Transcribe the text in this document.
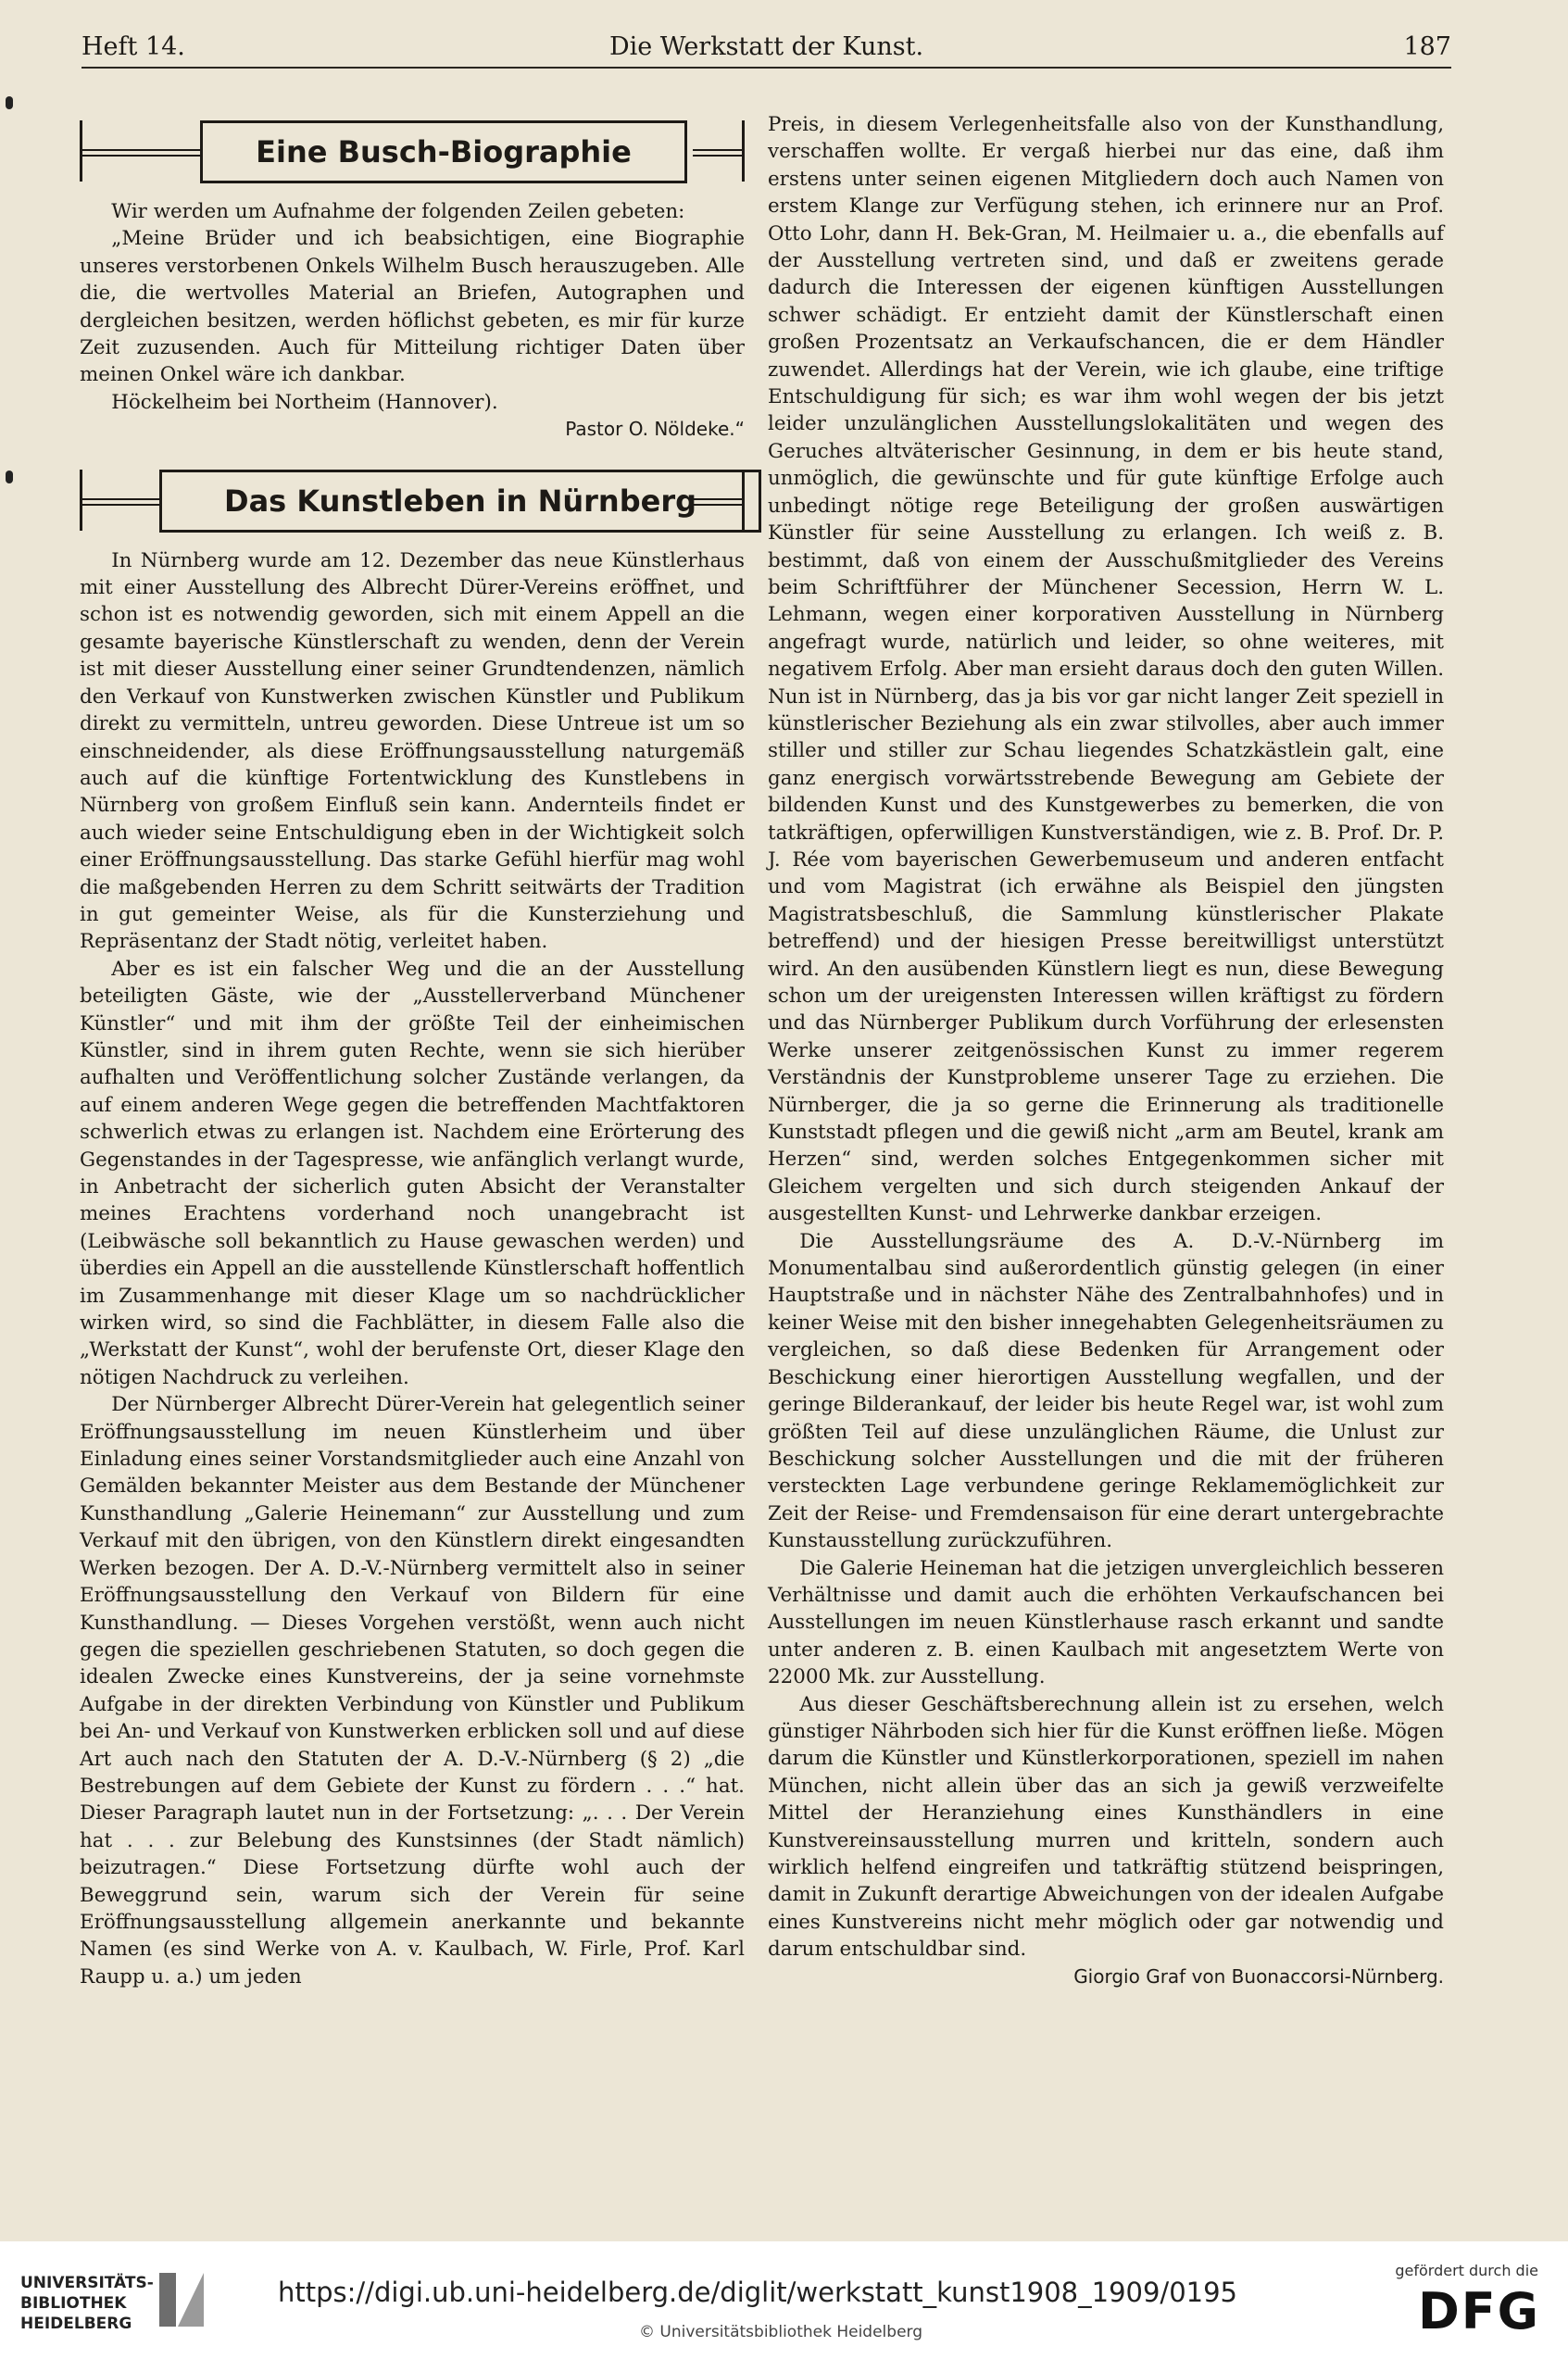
Heft 14.	Die Werkstatt der Kunst.	187
Eine Busch-Biographie

Wir werden um Aufnahme der folgenden Zeilen gebeten:

„Meine Brüder und ich beabsichtigen, eine Biographie unseres verstorbenen Onkels Wilhelm Busch herauszugeben. Alle die, die wertvolles Material an Briefen, Autographen und dergleichen besitzen, werden höflichst gebeten, es mir für kurze Zeit zuzusenden. Auch für Mitteilung richtiger Daten über meinen Onkel wäre ich dankbar.

Höckelheim bei Northeim (Hannover).

Pastor O. Nöldeke.“

Das Kunstleben in Nürnberg

In Nürnberg wurde am 12. Dezember das neue Künstlerhaus mit einer Ausstellung des Albrecht Dürer-Vereins eröffnet, und schon ist es notwendig geworden, sich mit einem Appell an die gesamte bayerische Künstlerschaft zu wenden, denn der Verein ist mit dieser Ausstellung einer seiner Grundtendenzen, nämlich den Verkauf von Kunstwerken zwischen Künstler und Publikum direkt zu vermitteln, untreu geworden. Diese Untreue ist um so einschneidender, als diese Eröffnungsausstellung naturgemäß auch auf die künftige Fortentwicklung des Kunstlebens in Nürnberg von großem Einfluß sein kann. Andernteils findet er auch wieder seine Entschuldigung eben in der Wichtigkeit solch einer Eröffnungsausstellung. Das starke Gefühl hierfür mag wohl die maßgebenden Herren zu dem Schritt seitwärts der Tradition in gut gemeinter Weise, als für die Kunsterziehung und Repräsentanz der Stadt nötig, verleitet haben.

Aber es ist ein falscher Weg und die an der Ausstellung beteiligten Gäste, wie der „Ausstellerverband Münchener Künstler“ und mit ihm der größte Teil der einheimischen Künstler, sind in ihrem guten Rechte, wenn sie sich hierüber aufhalten und Veröffentlichung solcher Zustände verlangen, da auf einem anderen Wege gegen die betreffenden Machtfaktoren schwerlich etwas zu erlangen ist. Nachdem eine Erörterung des Gegenstandes in der Tagespresse, wie anfänglich verlangt wurde, in Anbetracht der sicherlich guten Absicht der Veranstalter meines Erachtens vorderhand noch unangebracht ist (Leibwäsche soll bekanntlich zu Hause gewaschen werden) und überdies ein Appell an die ausstellende Künstlerschaft hoffentlich im Zusammenhange mit dieser Klage um so nachdrücklicher wirken wird, so sind die Fachblätter, in diesem Falle also die „Werkstatt der Kunst“, wohl der berufenste Ort, dieser Klage den nötigen Nachdruck zu verleihen.

Der Nürnberger Albrecht Dürer-Verein hat gelegentlich seiner Eröffnungsausstellung im neuen Künstlerheim und über Einladung eines seiner Vorstandsmitglieder auch eine Anzahl von Gemälden bekannter Meister aus dem Bestande der Münchener Kunsthandlung „Galerie Heinemann“ zur Ausstellung und zum Verkauf mit den übrigen, von den Künstlern direkt eingesandten Werken bezogen. Der A. D.-V.-Nürnberg vermittelt also in seiner Eröffnungsausstellung den Verkauf von Bildern für eine Kunsthandlung. — Dieses Vorgehen verstößt, wenn auch nicht gegen die speziellen geschriebenen Statuten, so doch gegen die idealen Zwecke eines Kunstvereins, der ja seine vornehmste Aufgabe in der direkten Verbindung von Künstler und Publikum bei An- und Verkauf von Kunstwerken erblicken soll und auf diese Art auch nach den Statuten der A. D.-V.-Nürnberg (§ 2) „die Bestrebungen auf dem Gebiete der Kunst zu fördern . . .“ hat. Dieser Paragraph lautet nun in der Fortsetzung: „. . . Der Verein hat . . . zur Belebung des Kunstsinnes (der Stadt nämlich) beizutragen.“ Diese Fortsetzung dürfte wohl auch der Beweggrund sein, warum sich der Verein für seine Eröffnungsausstellung allgemein anerkannte und bekannte Namen (es sind Werke von A. v. Kaulbach, W. Firle, Prof. Karl Raupp u. a.) um jeden

Preis, in diesem Verlegenheitsfalle also von der Kunsthandlung, verschaffen wollte. Er vergaß hierbei nur das eine, daß ihm erstens unter seinen eigenen Mitgliedern doch auch Namen von erstem Klange zur Verfügung stehen, ich erinnere nur an Prof. Otto Lohr, dann H. Bek-Gran, M. Heilmaier u. a., die ebenfalls auf der Ausstellung vertreten sind, und daß er zweitens gerade dadurch die Interessen der eigenen künftigen Ausstellungen schwer schädigt. Er entzieht damit der Künstlerschaft einen großen Prozentsatz an Verkaufschancen, die er dem Händler zuwendet. Allerdings hat der Verein, wie ich glaube, eine triftige Entschuldigung für sich; es war ihm wohl wegen der bis jetzt leider unzulänglichen Ausstellungslokalitäten und wegen des Geruches altväterischer Gesinnung, in dem er bis heute stand, unmöglich, die gewünschte und für gute künftige Erfolge auch unbedingt nötige rege Beteiligung der großen auswärtigen Künstler für seine Ausstellung zu erlangen. Ich weiß z. B. bestimmt, daß von einem der Ausschußmitglieder des Vereins beim Schriftführer der Münchener Secession, Herrn W. L. Lehmann, wegen einer korporativen Ausstellung in Nürnberg angefragt wurde, natürlich und leider, so ohne weiteres, mit negativem Erfolg. Aber man ersieht daraus doch den guten Willen. Nun ist in Nürnberg, das ja bis vor gar nicht langer Zeit speziell in künstlerischer Beziehung als ein zwar stilvolles, aber auch immer stiller und stiller zur Schau liegendes Schatzkästlein galt, eine ganz energisch vorwärtsstrebende Bewegung am Gebiete der bildenden Kunst und des Kunstgewerbes zu bemerken, die von tatkräftigen, opferwilligen Kunstverständigen, wie z. B. Prof. Dr. P. J. Rée vom bayerischen Gewerbemuseum und anderen entfacht und vom Magistrat (ich erwähne als Beispiel den jüngsten Magistratsbeschluß, die Sammlung künstlerischer Plakate betreffend) und der hiesigen Presse bereitwilligst unterstützt wird. An den ausübenden Künstlern liegt es nun, diese Bewegung schon um der ureigensten Interessen willen kräftigst zu fördern und das Nürnberger Publikum durch Vorführung der erlesensten Werke unserer zeitgenössischen Kunst zu immer regerem Verständnis der Kunstprobleme unserer Tage zu erziehen. Die Nürnberger, die ja so gerne die Erinnerung als traditionelle Kunststadt pflegen und die gewiß nicht „arm am Beutel, krank am Herzen“ sind, werden solches Entgegenkommen sicher mit Gleichem vergelten und sich durch steigenden Ankauf der ausgestellten Kunst- und Lehrwerke dankbar erzeigen.

Die Ausstellungsräume des A. D.-V.-Nürnberg im Monumentalbau sind außerordentlich günstig gelegen (in einer Hauptstraße und in nächster Nähe des Zentralbahnhofes) und in keiner Weise mit den bisher innegehabten Gelegenheitsräumen zu vergleichen, so daß diese Bedenken für Arrangement oder Beschickung einer hierortigen Ausstellung wegfallen, und der geringe Bilderankauf, der leider bis heute Regel war, ist wohl zum größten Teil auf diese unzulänglichen Räume, die Unlust zur Beschickung solcher Ausstellungen und die mit der früheren versteckten Lage verbundene geringe Reklamemöglichkeit zur Zeit der Reise- und Fremdensaison für eine derart untergebrachte Kunstausstellung zurückzuführen.

Die Galerie Heineman hat die jetzigen unvergleichlich besseren Verhältnisse und damit auch die erhöhten Verkaufschancen bei Ausstellungen im neuen Künstlerhause rasch erkannt und sandte unter anderen z. B. einen Kaulbach mit angesetztem Werte von 22000 Mk. zur Ausstellung.

Aus dieser Geschäftsberechnung allein ist zu ersehen, welch günstiger Nährboden sich hier für die Kunst eröffnen ließe. Mögen darum die Künstler und Künstlerkorporationen, speziell im nahen München, nicht allein über das an sich ja gewiß verzweifelte Mittel der Heranziehung eines Kunsthändlers in eine Kunstvereinsausstellung murren und kritteln, sondern auch wirklich helfend eingreifen und tatkräftig stützend beispringen, damit in Zukunft derartige Abweichungen von der idealen Aufgabe eines Kunstvereins nicht mehr möglich oder gar notwendig und darum entschuldbar sind.

Giorgio Graf von Buonaccorsi-Nürnberg.

UNIVERSITÄTS-BIBLIOTHEK HEIDELBERG
https://digi.ub.uni-heidelberg.de/diglit/werkstatt_kunst1908_1909/0195
© Universitätsbibliothek Heidelberg
gefördert durch die
DFG
